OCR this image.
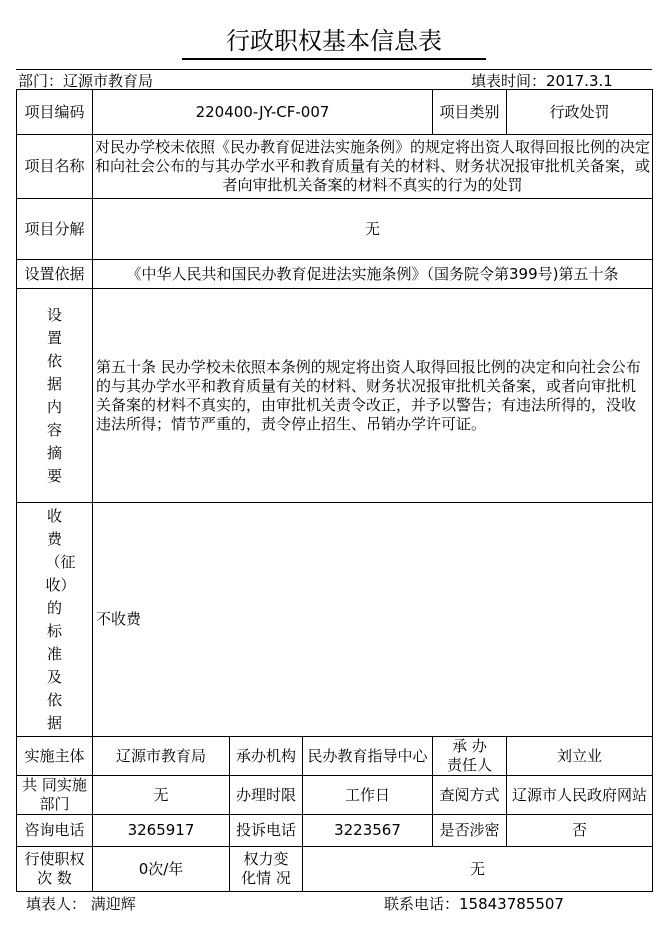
行政职权基本信息表
部门：辽源市教育局	填表时间：2017.3.1
项目编码	220400-JY-CF-007			项目类别	行政处罚
项目名称	对民办学校未依照《民办教育促进法实施条例》的规定将出资人取得回报比例的决定和向社会公布的与其办学水平和教育质量有关的材料、财务状况报审批机关备案，或者向审批机关备案的材料不真实的行为的处罚				
项目分解	无				
设置依据	《中华人民共和国民办教育促进法实施条例》（国务院令第399号)第五十条				
设置依据内容摘要	第五十条 民办学校未依照本条例的规定将出资人取得回报比例的决定和向社会公布的与其办学水平和教育质量有关的材料、财务状况报审批机关备案，或者向审批机关备案的材料不真实的，由审批机关责令改正，并予以警告；有违法所得的，没收违法所得；情节严重的，责令停止招生、吊销办学许可证。				
收费（征收）的标准及依据	不收费				
实施主体	辽源市教育局	承办机构	民办教育指导中心	承 办责任人	刘立业
共 同实施部门	无	办理时限	工作日	查阅方式	辽源市人民政府网站
咨询电话	3265917	投诉电话	3223567	是否涉密	否
行使职权次 数	0次/年	权力变化情 况	无		
填表人： 满迎辉	联系电话：15843785507
